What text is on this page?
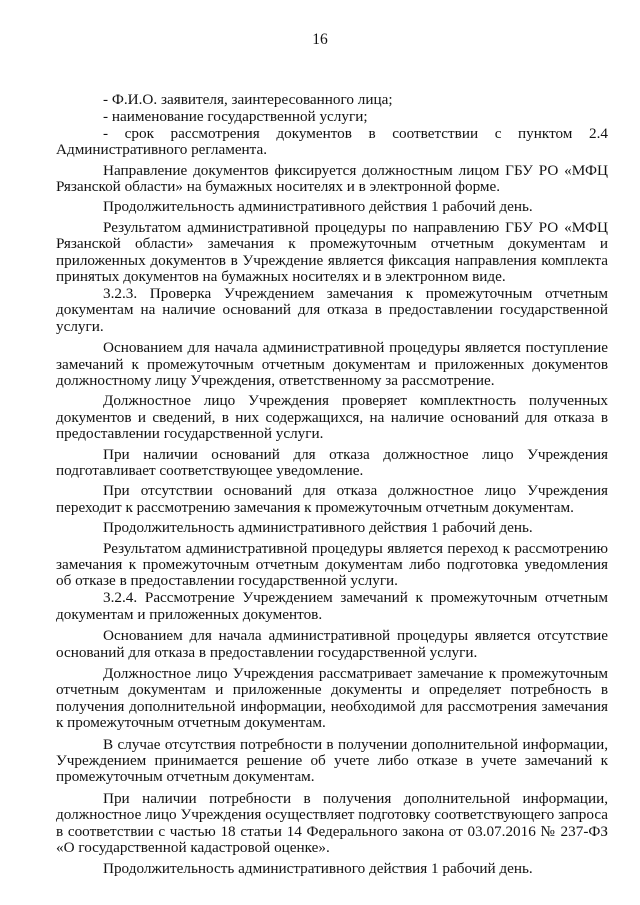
16

- Ф.И.О. заявителя, заинтересованного лица;

- наименование государственной услуги;

- срок рассмотрения документов в соответствии с пунктом 2.4 Административного регламента.

Направление документов фиксируется должностным лицом ГБУ РО «МФЦ Рязанской области» на бумажных носителях и в электронной форме.

Продолжительность административного действия 1 рабочий день.

Результатом административной процедуры по направлению ГБУ РО «МФЦ Рязанской области» замечания к промежуточным отчетным документам и приложенных документов в Учреждение является фиксация направления комплекта принятых документов на бумажных носителях и в электронном виде.

3.2.3. Проверка Учреждением замечания к промежуточным отчетным документам на наличие оснований для отказа в предоставлении государственной услуги.

Основанием для начала административной процедуры является поступление замечаний к промежуточным отчетным документам и приложенных документов должностному лицу Учреждения, ответственному за рассмотрение.

Должностное лицо Учреждения проверяет комплектность полученных документов и сведений, в них содержащихся, на наличие оснований для отказа в предоставлении государственной услуги.

При наличии оснований для отказа должностное лицо Учреждения подготавливает соответствующее уведомление.

При отсутствии оснований для отказа должностное лицо Учреждения переходит к рассмотрению замечания к промежуточным отчетным документам.

Продолжительность административного действия 1 рабочий день.

Результатом административной процедуры является переход к рассмотрению замечания к промежуточным отчетным документам либо подготовка уведомления об отказе в предоставлении государственной услуги.

3.2.4. Рассмотрение Учреждением замечаний к промежуточным отчетным документам и приложенных документов.

Основанием для начала административной процедуры является отсутствие оснований для отказа в предоставлении государственной услуги.

Должностное лицо Учреждения рассматривает замечание к промежуточным отчетным документам и приложенные документы и определяет потребность в получения дополнительной информации, необходимой для рассмотрения замечания к промежуточным отчетным документам.

В случае отсутствия потребности в получении дополнительной информации, Учреждением принимается решение об учете либо отказе в учете замечаний к промежуточным отчетным документам.

При наличии потребности в получения дополнительной информации, должностное лицо Учреждения осуществляет подготовку соответствующего запроса в соответствии с частью 18 статьи 14 Федерального закона от 03.07.2016 № 237-ФЗ «О государственной кадастровой оценке».

Продолжительность административного действия 1 рабочий день.
